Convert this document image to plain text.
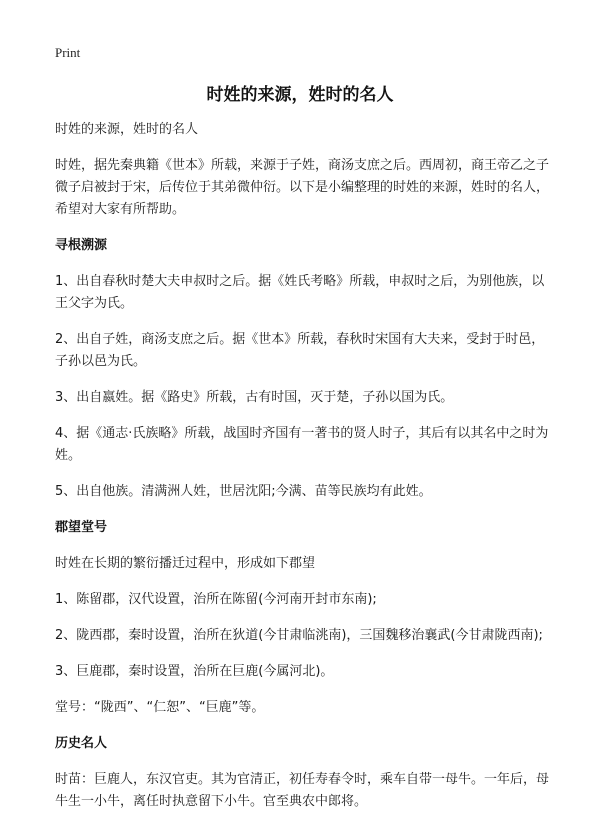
Print
时姓的来源，姓时的名人

时姓的来源，姓时的名人

时姓，据先秦典籍《世本》所载，来源于子姓，商汤支庶之后。西周初，商王帝乙之子微子启被封于宋，后传位于其弟微仲衍。以下是小编整理的时姓的来源，姓时的名人，希望对大家有所帮助。

寻根溯源

1、出自春秋时楚大夫申叔时之后。据《姓氏考略》所载，申叔时之后，为别他族，以王父字为氏。

2、出自子姓，商汤支庶之后。据《世本》所载，春秋时宋国有大夫来，受封于时邑，子孙以邑为氏。

3、出自嬴姓。据《路史》所载，古有时国，灭于楚，子孙以国为氏。

4、据《通志·氏族略》所载，战国时齐国有一著书的贤人时子，其后有以其名中之时为姓。

5、出自他族。清满洲人姓，世居沈阳;今满、苗等民族均有此姓。

郡望堂号

时姓在长期的繁衍播迁过程中，形成如下郡望

1、陈留郡，汉代设置，治所在陈留(今河南开封市东南);

2、陇西郡，秦时设置，治所在狄道(今甘肃临洮南)，三国魏移治襄武(今甘肃陇西南);

3、巨鹿郡，秦时设置，治所在巨鹿(今属河北)。

堂号：“陇西”、“仁恕”、“巨鹿”等。

历史名人

时苗：巨鹿人，东汉官吏。其为官清正，初任寿春令时，乘车自带一母牛。一年后，母牛生一小牛，离任时执意留下小牛。官至典农中郎将。
